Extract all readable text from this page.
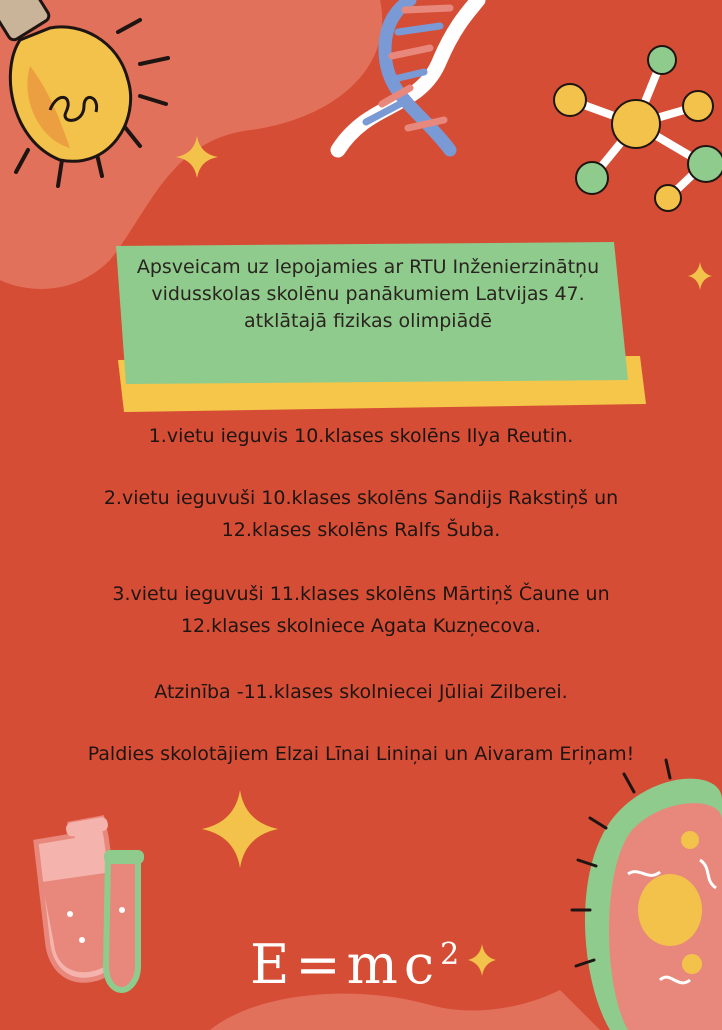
Apsveicam uz lepojamies ar RTU Inženierzinātņu vidusskolas skolēnu panākumiem Latvijas 47. atklātajā fizikas olimpiādē
1.vietu ieguvis 10.klases skolēns Ilya Reutin.
2.vietu ieguvuši 10.klases skolēns Sandijs Rakstiņš un
12.klases skolēns Ralfs Šuba.
3.vietu ieguvuši 11.klases skolēns Mārtiņš Čaune un
12.klases skolniece Agata Kuzņecova.
Atzinība -11.klases skolniecei Jūliai Zilberei.
Paldies skolotājiem Elzai Līnai Liniņai un Aivaram Eriņam!
$E=mc^2$
